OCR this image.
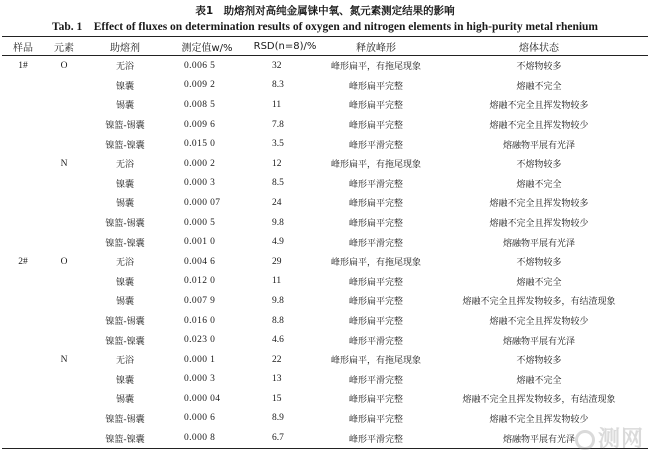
表1　助熔剂对高纯金属铼中氧、氮元素测定结果的影响
Tab. 1　Effect of fluxes on determination results of oxygen and nitrogen elements in high-purity metal rhenium
样品	元素	助熔剂	测定值w/%	RSD(n=8)/%	释放峰形	熔体状态
1#	O	无浴	0.006 5	32	峰形扁平，有拖尾现象	不熔物较多
		镍囊	0.009 2	8.3	峰形扁平完整	熔融不完全
		锡囊	0.008 5	11	峰形扁平完整	熔融不完全且挥发物较多
		镍篮-锡囊	0.009 6	7.8	峰形扁平完整	熔融不完全且挥发物较少
		镍篮-镍囊	0.015 0	3.5	峰形平滑完整	熔融物平展有光泽
	N	无浴	0.000 2	12	峰形扁平，有拖尾现象	不熔物较多
		镍囊	0.000 3	8.5	峰形平滑完整	熔融不完全
		锡囊	0.000 07	24	峰形扁平完整	熔融不完全且挥发物较多
		镍篮-锡囊	0.000 5	9.8	峰形扁平完整	熔融不完全且挥发物较少
		镍篮-镍囊	0.001 0	4.9	峰形平滑完整	熔融物平展有光泽
2#	O	无浴	0.004 6	29	峰形扁平，有拖尾现象	不熔物较多
		镍囊	0.012 0	11	峰形扁平完整	熔融不完全
		锡囊	0.007 9	9.8	峰形扁平完整	熔融不完全且挥发物较多，有结渣现象
		镍篮-锡囊	0.016 0	8.8	峰形扁平完整	熔融不完全且挥发物较少
		镍篮-镍囊	0.023 0	4.6	峰形平滑完整	熔融物平展有光泽
	N	无浴	0.000 1	22	峰形扁平，有拖尾现象	不熔物较多
		镍囊	0.000 3	13	峰形平滑完整	熔融不完全
		锡囊	0.000 04	15	峰形扁平完整	熔融不完全且挥发物较多，有结渣现象
		镍篮-锡囊	0.000 6	8.9	峰形扁平完整	熔融不完全且挥发物较少
		镍篮-镍囊	0.000 8	6.7	峰形平滑完整	熔融物平展有光泽	测网
